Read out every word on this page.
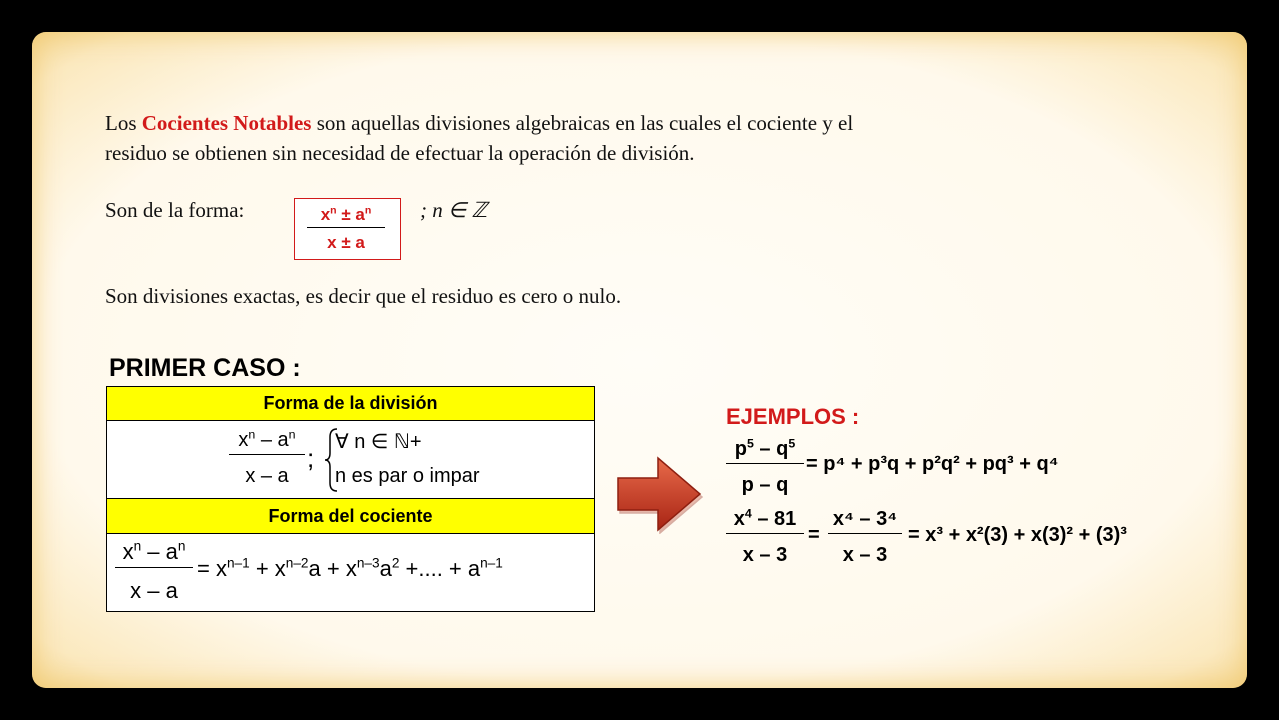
Los Cocientes Notables son aquellas divisiones algebraicas en las cuales el cociente y el
residuo se obtienen sin necesidad de efectuar la operación de división.
Son de la forma:	$\frac{x^n \pm a^n}{x \pm a}$ ; n ∈ ℤ
Son divisiones exactas, es decir que el residuo es cero o nulo.
PRIMER CASO :
Forma de la división
$x^n - a^n$
x – a
;
∀ n ∈ ℕ+
n es par o impar
Forma del cociente
$x^n - a^n$
x – a
= $x^{n-1} + x^{n-2}a + x^{n-3}a^2$ +.... + $a^{n-1}$
EJEMPLOS :
$p^5 - q^5$
p – q
= p⁴ + p³q + p²q² + pq³ + q⁴
$x^4 - 81$
x – 3
=
x⁴ – 3⁴
x – 3
= x³ + x²(3) + x(3)² + (3)³
